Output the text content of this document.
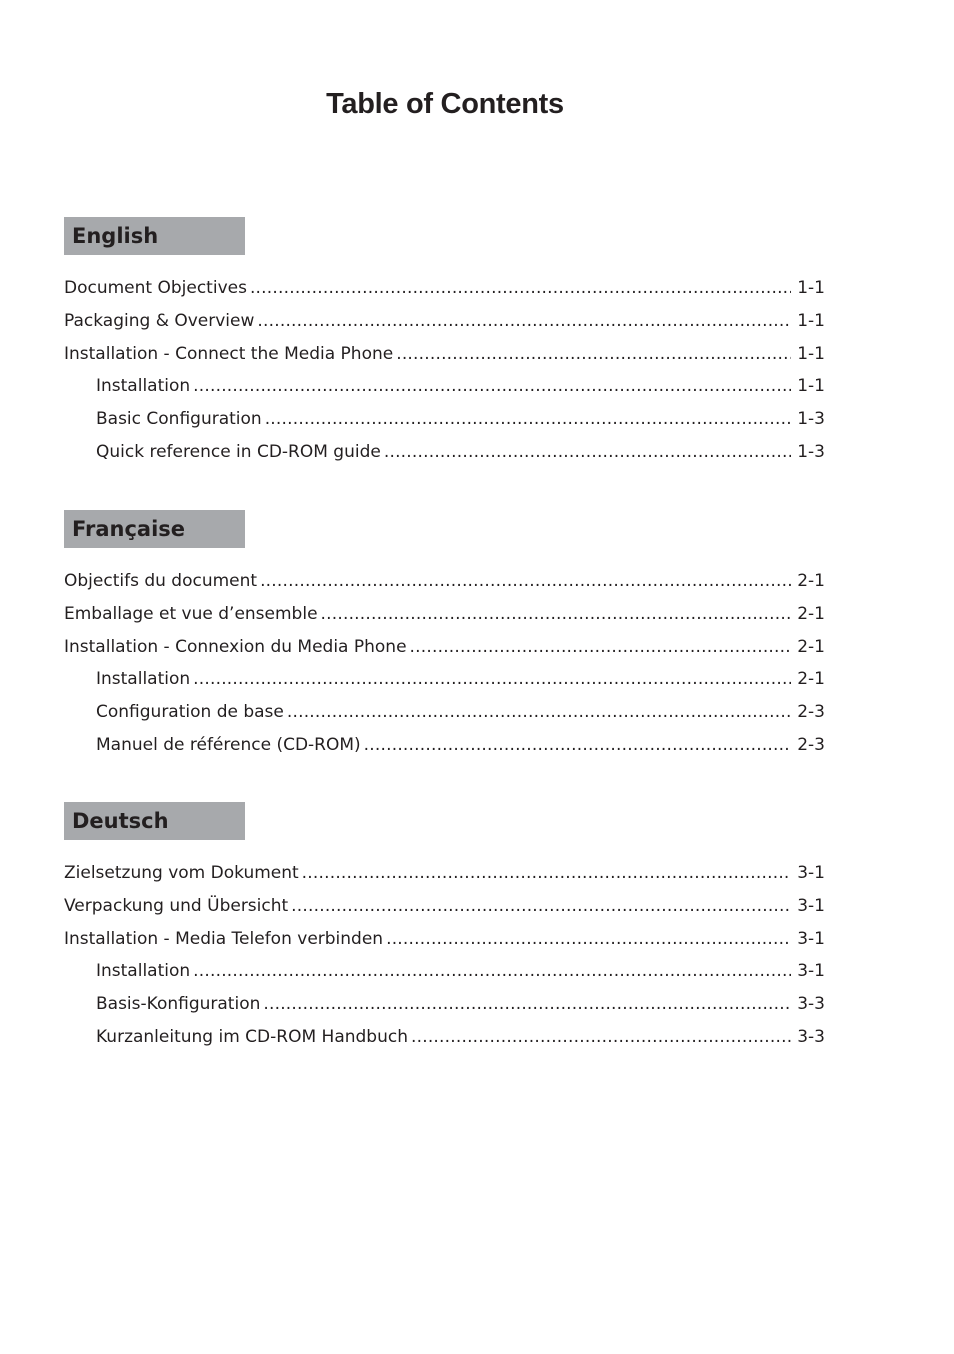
Table of Contents
English
Document Objectives . . .	1-1
Packaging & Overview . . .	1-1
Installation - Connect the Media Phone . . .	1-1
Installation . . .	1-1
Basic Configuration . . .	1-3
Quick reference in CD-ROM guide . . .	1-3
Française
Objectifs du document . . .	2-1
Emballage et vue d’ensemble . . .	2-1
Installation - Connexion du Media Phone . . .	2-1
Installation . . .	2-1
Configuration de base . . .	2-3
Manuel de référence (CD-ROM) . . .	2-3
Deutsch
Zielsetzung vom Dokument . . .	3-1
Verpackung und Übersicht . . .	3-1
Installation - Media Telefon verbinden . . .	3-1
Installation . . .	3-1
Basis-Konfiguration . . .	3-3
Kurzanleitung im CD-ROM Handbuch . . .	3-3
